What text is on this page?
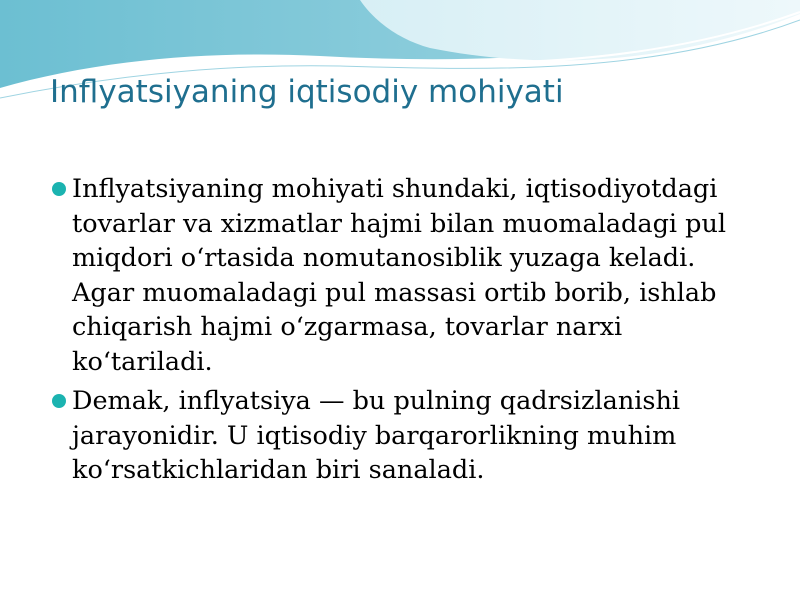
Inflyatsiyaning iqtisodiy mohiyati
Inflyatsiyaning mohiyati shundaki, iqtisodiyotdagi tovarlar va xizmatlar hajmi bilan muomaladagi pul miqdori o‘rtasida nomutanosiblik yuzaga keladi. Agar muomaladagi pul massasi ortib borib, ishlab chiqarish hajmi o‘zgarmasa, tovarlar narxi ko‘tariladi.
Demak, inflyatsiya — bu pulning qadrsizlanishi jarayonidir. U iqtisodiy barqarorlikning muhim ko‘rsatkichlaridan biri sanaladi.
